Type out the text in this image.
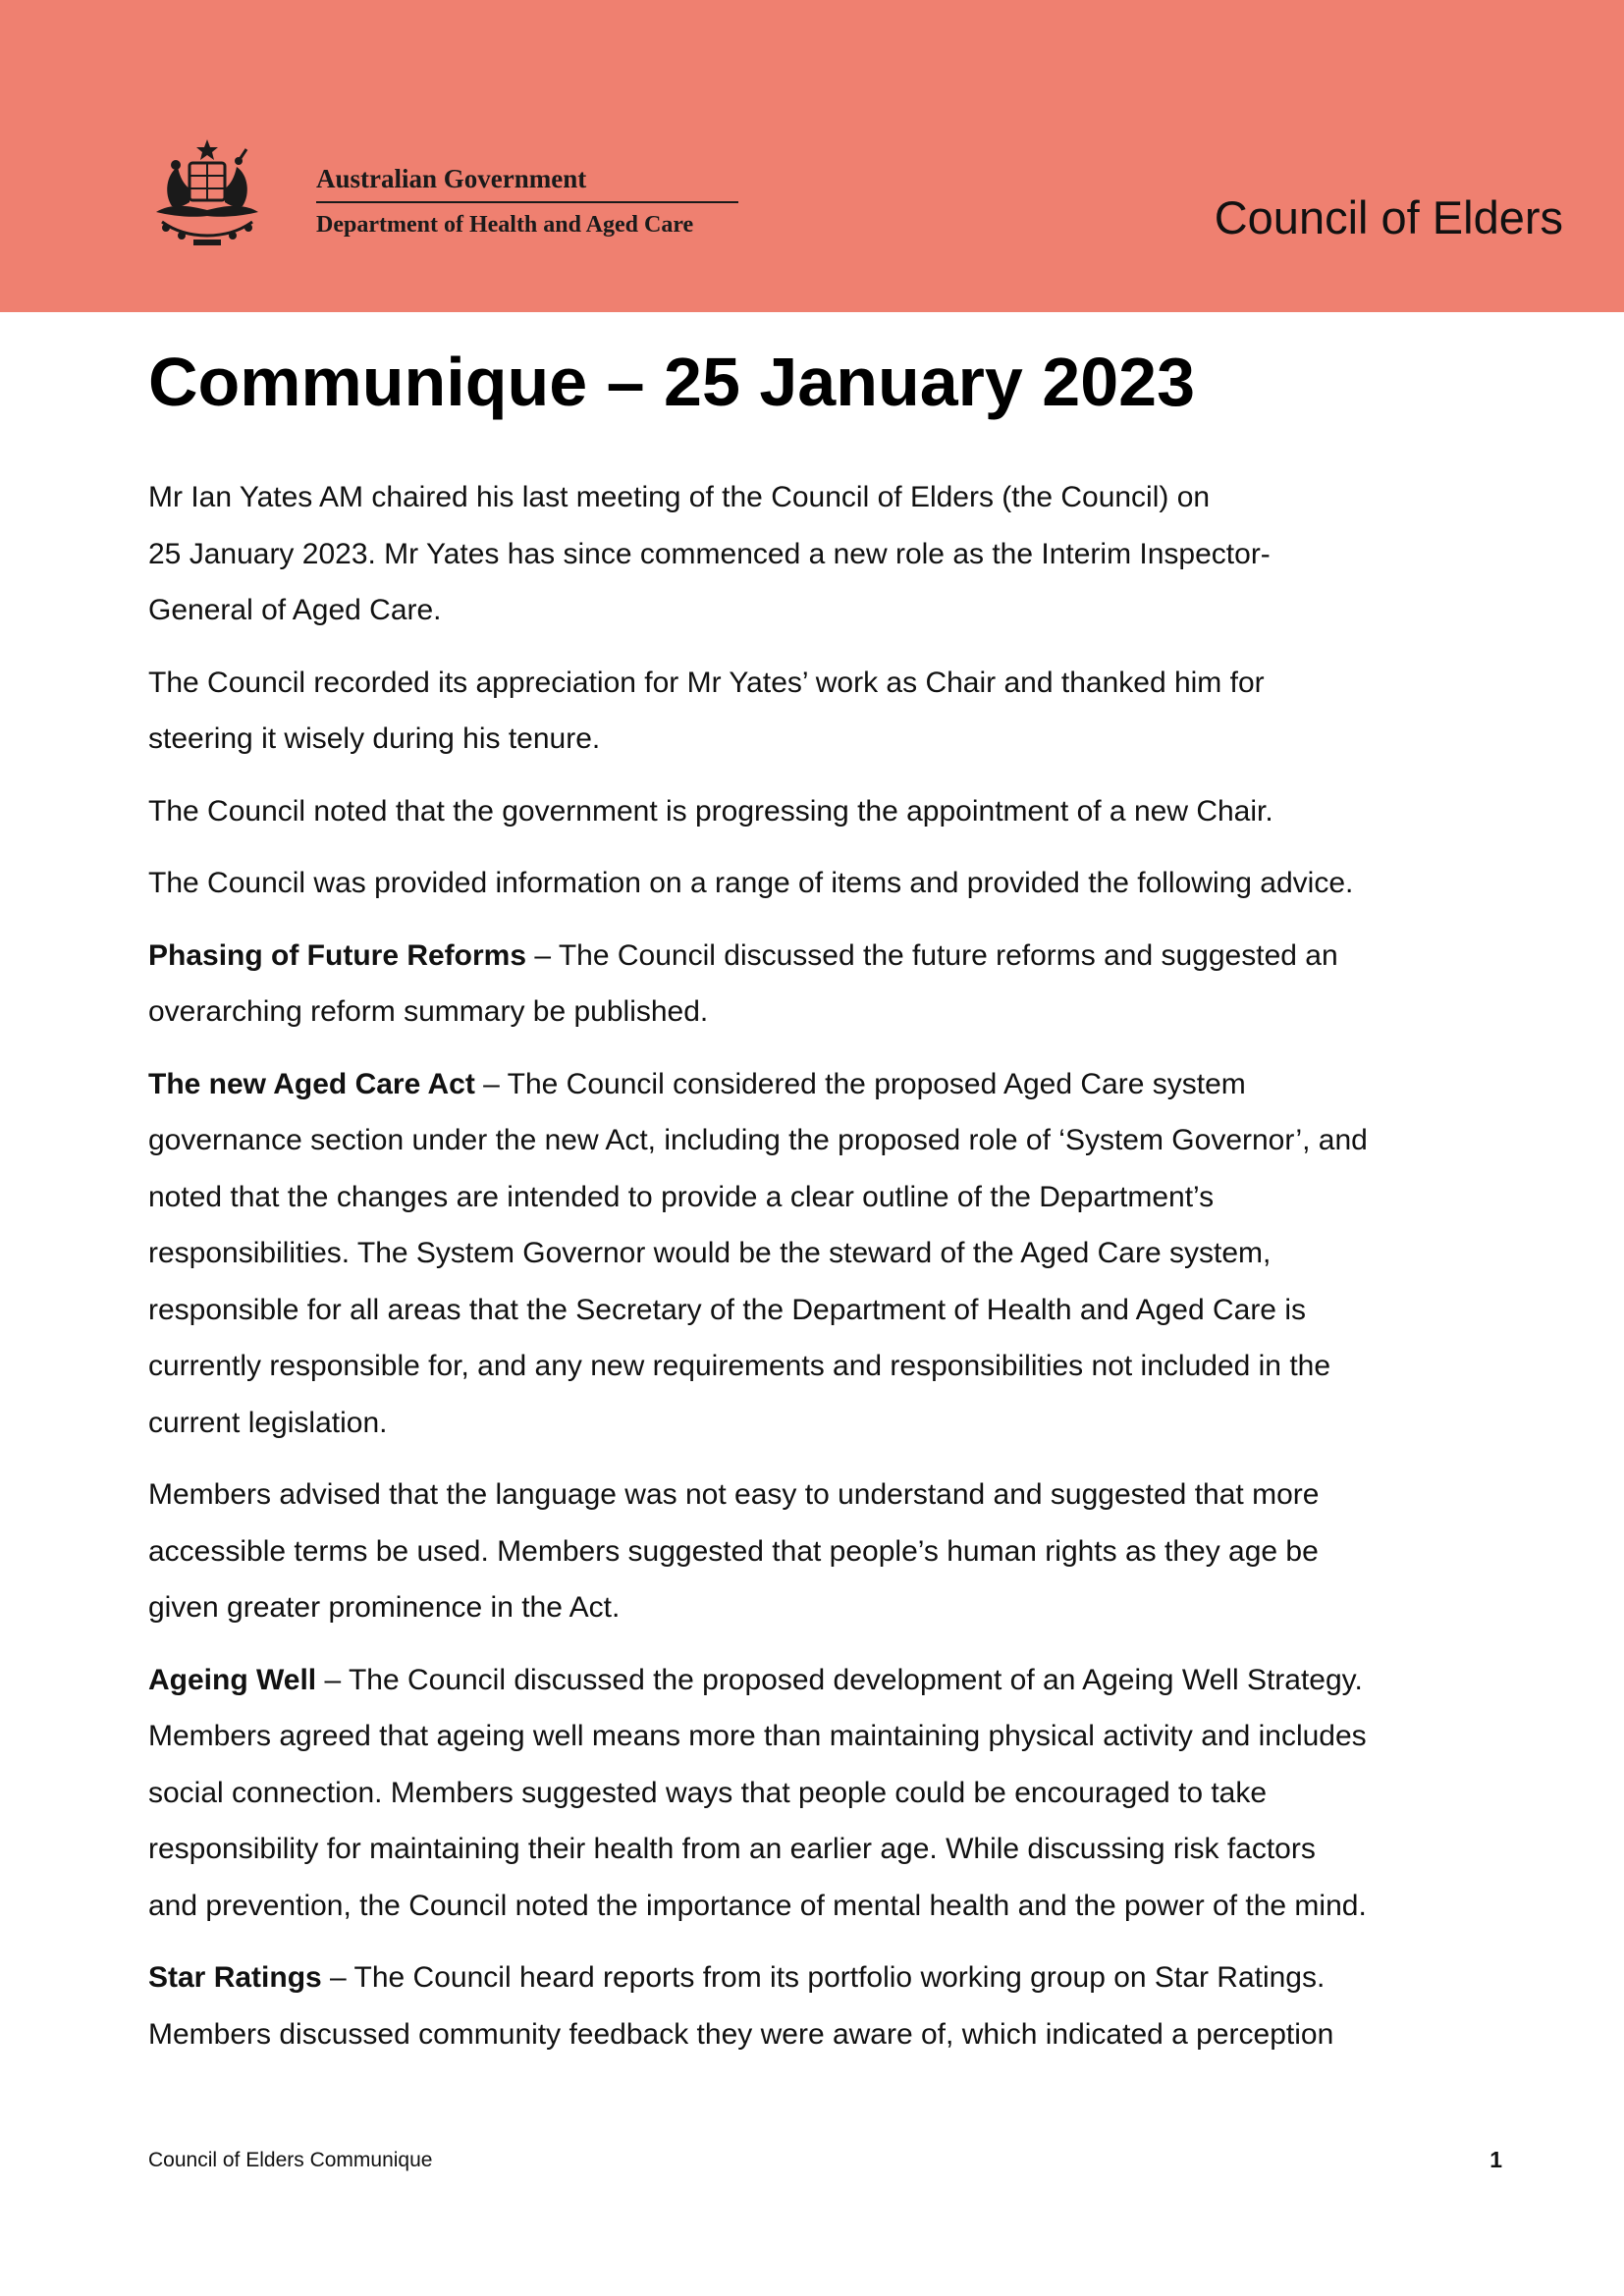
Australian Government
Department of Health and Aged Care	Council of Elders
Communique – 25 January 2023

Mr Ian Yates AM chaired his last meeting of the Council of Elders (the Council) on
25 January 2023. Mr Yates has since commenced a new role as the Interim Inspector-
General of Aged Care.

The Council recorded its appreciation for Mr Yates’ work as Chair and thanked him for
steering it wisely during his tenure.

The Council noted that the government is progressing the appointment of a new Chair.

The Council was provided information on a range of items and provided the following advice.

Phasing of Future Reforms – The Council discussed the future reforms and suggested an
overarching reform summary be published.

The new Aged Care Act – The Council considered the proposed Aged Care system
governance section under the new Act, including the proposed role of ‘System Governor’, and
noted that the changes are intended to provide a clear outline of the Department’s
responsibilities. The System Governor would be the steward of the Aged Care system,
responsible for all areas that the Secretary of the Department of Health and Aged Care is
currently responsible for, and any new requirements and responsibilities not included in the
current legislation.

Members advised that the language was not easy to understand and suggested that more
accessible terms be used. Members suggested that people’s human rights as they age be
given greater prominence in the Act.

Ageing Well – The Council discussed the proposed development of an Ageing Well Strategy.
Members agreed that ageing well means more than maintaining physical activity and includes
social connection. Members suggested ways that people could be encouraged to take
responsibility for maintaining their health from an earlier age. While discussing risk factors
and prevention, the Council noted the importance of mental health and the power of the mind.

Star Ratings – The Council heard reports from its portfolio working group on Star Ratings.
Members discussed community feedback they were aware of, which indicated a perception

Council of Elders Communique	1
